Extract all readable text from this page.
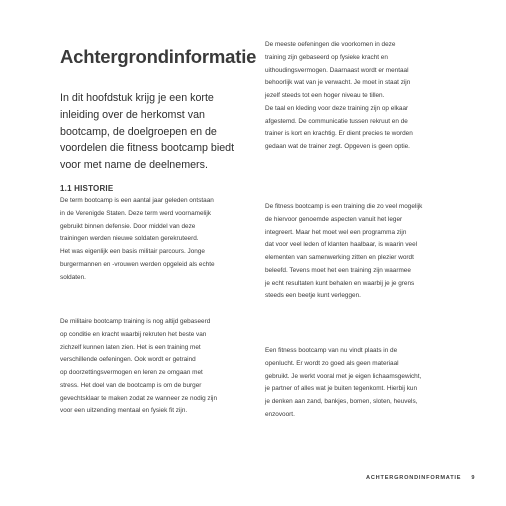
Achtergrondinformatie
In dit hoofdstuk krijg je een korte
inleiding over de herkomst van
bootcamp, de doelgroepen en de
voordelen die fitness bootcamp biedt
voor met name de deelnemers.
1.1 HISTORIE
De term bootcamp is een aantal jaar geleden ontstaan
in de Verenigde Staten. Deze term werd voornamelijk
gebruikt binnen defensie. Door middel van deze
trainingen werden nieuwe soldaten gerekruteerd.
Het was eigenlijk een basis militair parcours. Jonge
burgermannen en -vrouwen werden opgeleid als echte
soldaten.
De militaire bootcamp training is nog altijd gebaseerd
op conditie en kracht waarbij rekruten het beste van
zichzelf kunnen laten zien. Het is een training met
verschillende oefeningen. Ook wordt er getraind
op doorzettingsvermogen en leren ze omgaan met
stress. Het doel van de bootcamp is om de burger
gevechtsklaar te maken zodat ze wanneer ze nodig zijn
voor een uitzending mentaal en fysiek fit zijn.
De meeste oefeningen die voorkomen in deze
training zijn gebaseerd op fysieke kracht en
uithoudingsvermogen. Daarnaast wordt er mentaal
behoorlijk wat van je verwacht. Je moet in staat zijn
jezelf steeds tot een hoger niveau te tillen.
De taal en kleding voor deze training zijn op elkaar
afgestemd. De communicatie tussen rekruut en de
trainer is kort en krachtig. Er dient precies te worden
gedaan wat de trainer zegt. Opgeven is geen optie.
De fitness bootcamp is een training die zo veel mogelijk
de hiervoor genoemde aspecten vanuit het leger
integreert. Maar het moet wel een programma zijn
dat voor veel leden of klanten haalbaar, is waarin veel
elementen van samenwerking zitten en plezier wordt
beleefd. Tevens moet het een training zijn waarmee
je echt resultaten kunt behalen en waarbij je je grens
steeds een beetje kunt verleggen.
Een fitness bootcamp van nu vindt plaats in de
openlucht. Er wordt zo goed als geen materiaal
gebruikt. Je werkt vooral met je eigen lichaamsgewicht,
je partner of alles wat je buiten tegenkomt. Hierbij kun
je denken aan zand, bankjes, bomen, sloten, heuvels,
enzovoort.
ACHTERGRONDINFORMATIE 9
